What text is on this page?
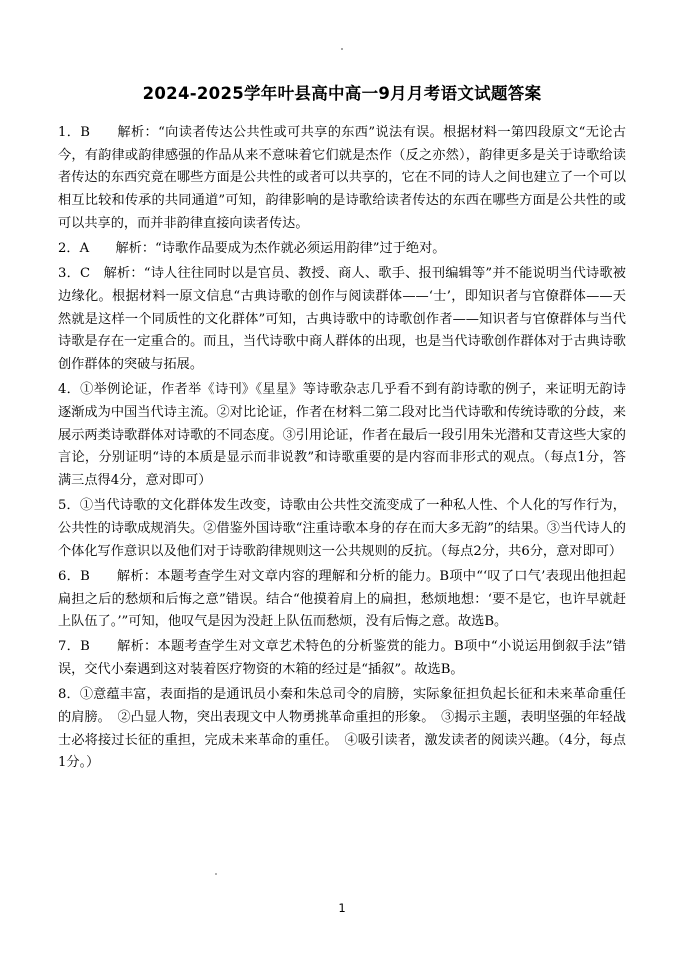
2024-2025学年叶县高中高一9月月考语文试题答案
1．B　　解析：“向读者传达公共性或可共享的东西”说法有误。根据材料一第四段原文“无论古今，有韵律或韵律感强的作品从来不意味着它们就是杰作（反之亦然），韵律更多是关于诗歌给读者传达的东西究竟在哪些方面是公共性的或者可以共享的，它在不同的诗人之间也建立了一个可以相互比较和传承的共同通道”可知，韵律影响的是诗歌给读者传达的东西在哪些方面是公共性的或可以共享的，而并非韵律直接向读者传达。
2．A　　解析：“诗歌作品要成为杰作就必须运用韵律”过于绝对。
3．C　解析：“诗人往往同时以是官员、教授、商人、歌手、报刊编辑等”并不能说明当代诗歌被边缘化。根据材料一原文信息“古典诗歌的创作与阅读群体——‘士’，即知识者与官僚群体——天然就是这样一个同质性的文化群体”可知，古典诗歌中的诗歌创作者——知识者与官僚群体与当代诗歌是存在一定重合的。而且，当代诗歌中商人群体的出现，也是当代诗歌创作群体对于古典诗歌创作群体的突破与拓展。
4．①举例论证，作者举《诗刊》《星星》等诗歌杂志几乎看不到有韵诗歌的例子，来证明无韵诗逐渐成为中国当代诗主流。②对比论证，作者在材料二第二段对比当代诗歌和传统诗歌的分歧，来展示两类诗歌群体对诗歌的不同态度。③引用论证，作者在最后一段引用朱光潜和艾青这些大家的言论，分别证明“诗的本质是显示而非说教”和诗歌重要的是内容而非形式的观点。（每点1分，答满三点得4分，意对即可）
5．①当代诗歌的文化群体发生改变，诗歌由公共性交流变成了一种私人性、个人化的写作行为，公共性的诗歌成规消失。②借鉴外国诗歌“注重诗歌本身的存在而大多无韵”的结果。③当代诗人的个体化写作意识以及他们对于诗歌韵律规则这一公共规则的反抗。（每点2分，共6分，意对即可）
6．B　　解析：本题考查学生对文章内容的理解和分析的能力。B项中“‘叹了口气’表现出他担起扁担之后的愁烦和后悔之意”错误。结合“他摸着肩上的扁担，愁烦地想：‘要不是它，也许早就赶上队伍了。’”可知，他叹气是因为没赶上队伍而愁烦，没有后悔之意。故选B。
7．B　　解析：本题考查学生对文章艺术特色的分析鉴赏的能力。B项中“小说运用倒叙手法”错误，交代小秦遇到这对装着医疗物资的木箱的经过是“插叙”。故选B。
8．①意蕴丰富，表面指的是通讯员小秦和朱总司令的肩膀，实际象征担负起长征和未来革命重任的肩膀。　②凸显人物，突出表现文中人物勇挑革命重担的形象。　③揭示主题，表明坚强的年轻战士必将接过长征的重担，完成未来革命的重任。　④吸引读者，激发读者的阅读兴趣。（4分，每点1分。）
1
